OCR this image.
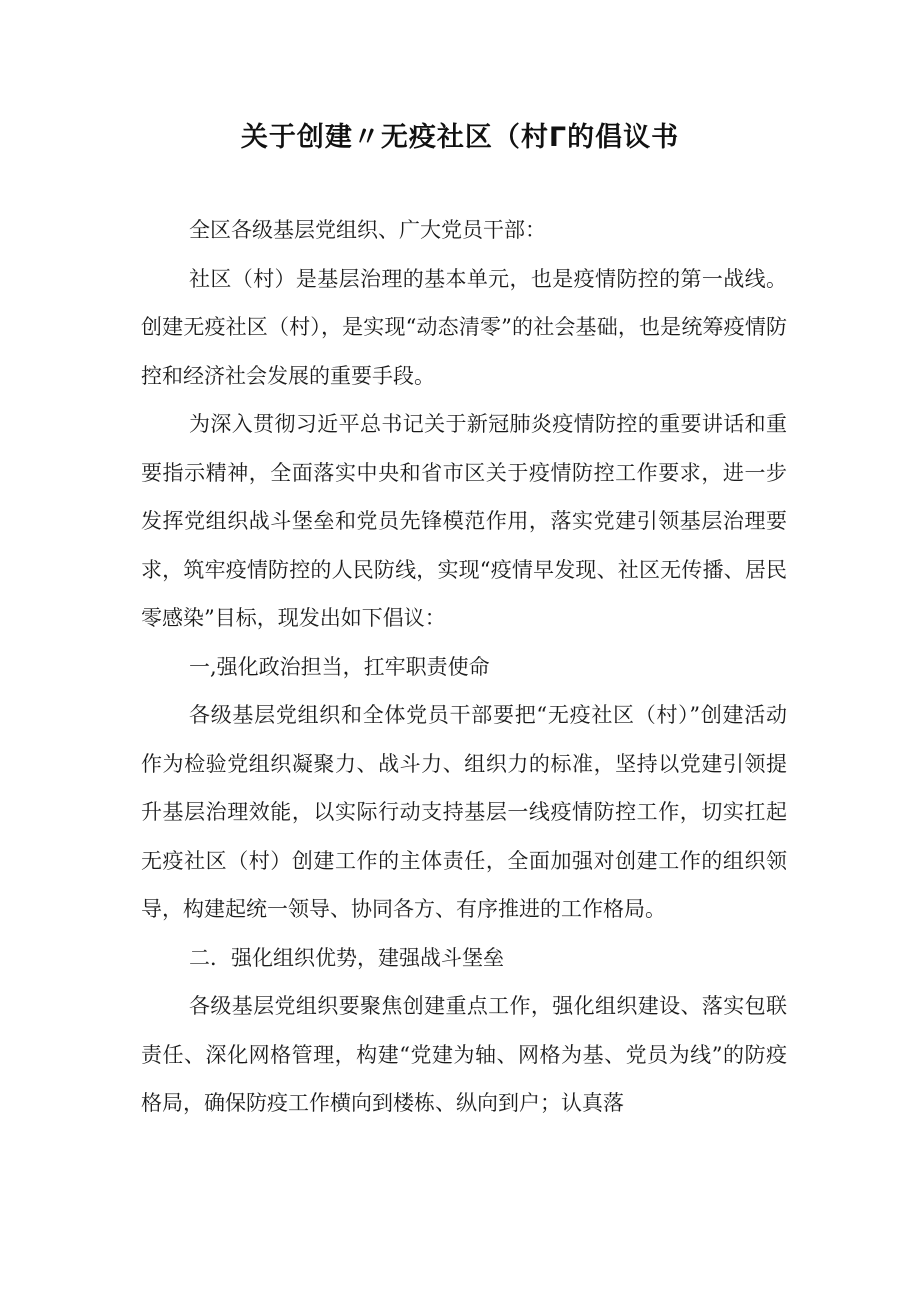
关于创建〃无疫社区（村Γ的倡议书

全区各级基层党组织、广大党员干部：

社区（村）是基层治理的基本单元，也是疫情防控的第一战线。创建无疫社区（村），是实现“动态清零”的社会基础，也是统筹疫情防控和经济社会发展的重要手段。

为深入贯彻习近平总书记关于新冠肺炎疫情防控的重要讲话和重要指示精神，全面落实中央和省市区关于疫情防控工作要求，进一步发挥党组织战斗堡垒和党员先锋模范作用，落实党建引领基层治理要求，筑牢疫情防控的人民防线，实现“疫情早发现、社区无传播、居民零感染”目标，现发出如下倡议：

一,强化政治担当，扛牢职责使命

各级基层党组织和全体党员干部要把“无疫社区（村）”创建活动作为检验党组织凝聚力、战斗力、组织力的标准，坚持以党建引领提升基层治理效能，以实际行动支持基层一线疫情防控工作，切实扛起无疫社区（村）创建工作的主体责任，全面加强对创建工作的组织领导，构建起统一领导、协同各方、有序推进的工作格局。

二．强化组织优势，建强战斗堡垒

各级基层党组织要聚焦创建重点工作，强化组织建设、落实包联责任、深化网格管理，构建“党建为轴、网格为基、党员为线”的防疫格局，确保防疫工作横向到楼栋、纵向到户；认真落
